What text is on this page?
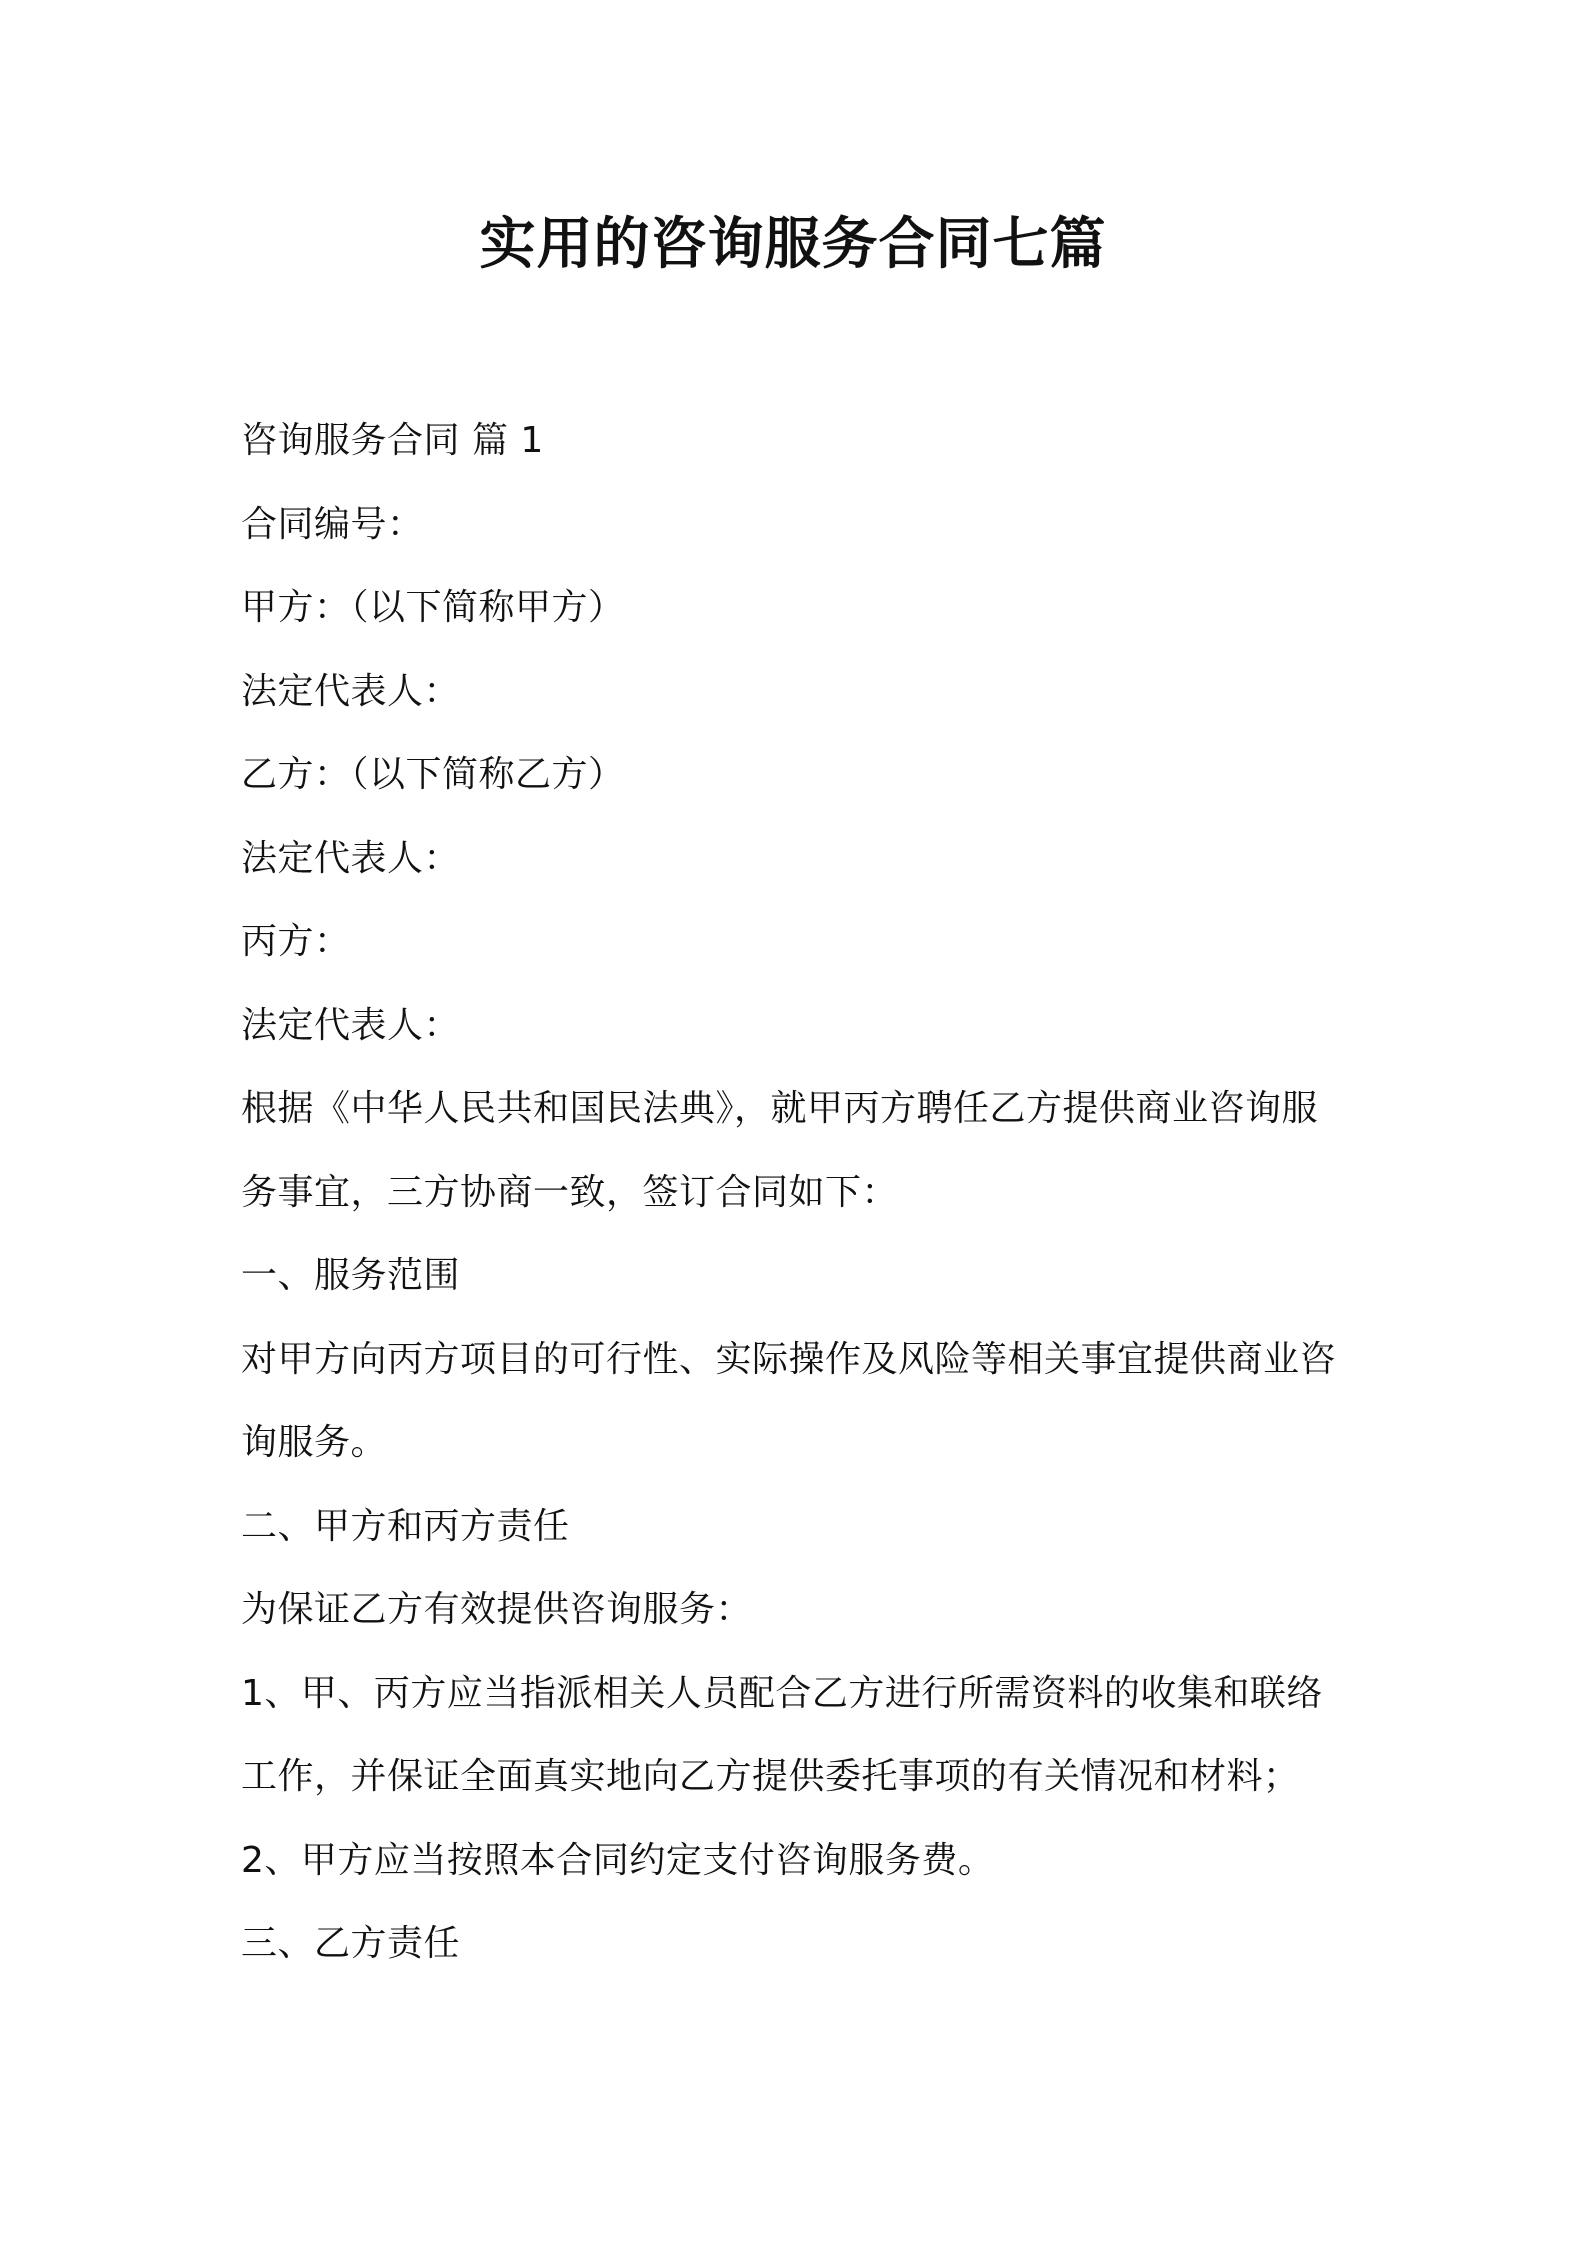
实用的咨询服务合同七篇
咨询服务合同 篇 1
合同编号：
甲方：（以下简称甲方）
法定代表人：
乙方：（以下简称乙方）
法定代表人：
丙方：
法定代表人：
根据《中华人民共和国民法典》，就甲丙方聘任乙方提供商业咨询服
务事宜，三方协商一致，签订合同如下：
一、服务范围
对甲方向丙方项目的可行性、实际操作及风险等相关事宜提供商业咨
询服务。
二、甲方和丙方责任
为保证乙方有效提供咨询服务：
1、甲、丙方应当指派相关人员配合乙方进行所需资料的收集和联络
工作，并保证全面真实地向乙方提供委托事项的有关情况和材料；
2、甲方应当按照本合同约定支付咨询服务费。
三、乙方责任
